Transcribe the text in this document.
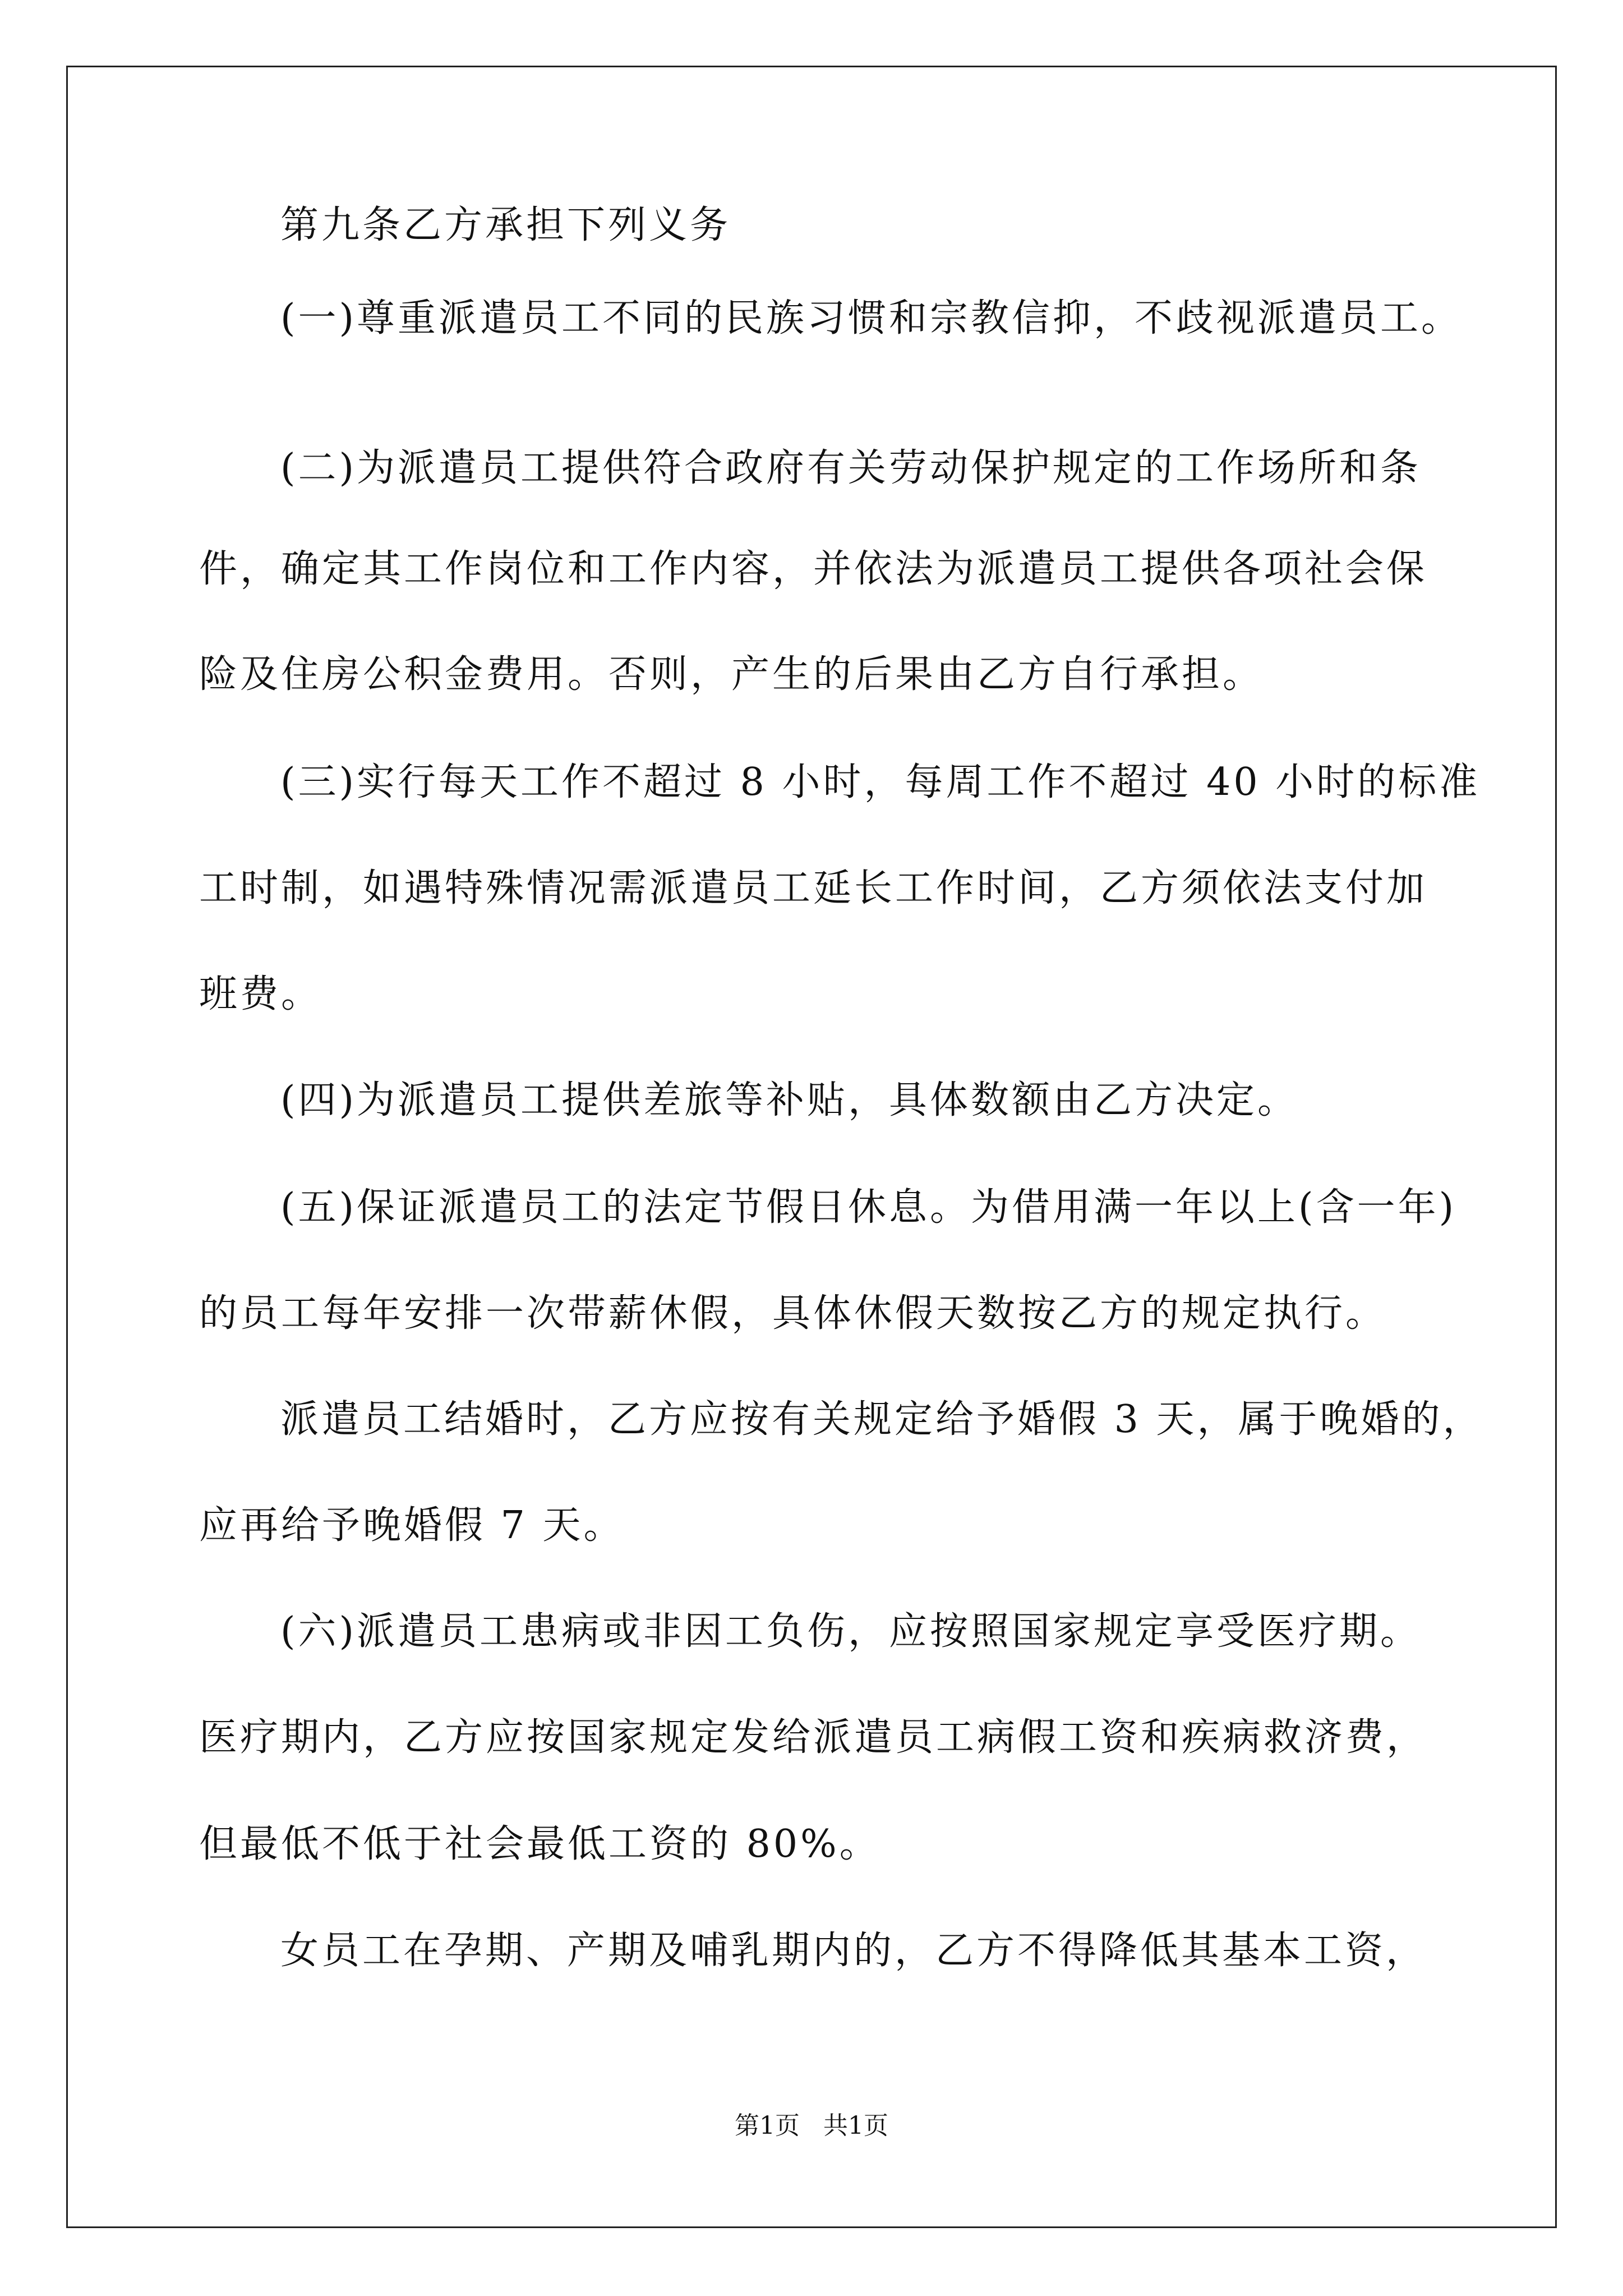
第九条乙方承担下列义务
(一)尊重派遣员工不同的民族习惯和宗教信抑，不歧视派遣员工。
(二)为派遣员工提供符合政府有关劳动保护规定的工作场所和条
件，确定其工作岗位和工作内容，并依法为派遣员工提供各项社会保
险及住房公积金费用。否则，产生的后果由乙方自行承担。
(三)实行每天工作不超过 8 小时，每周工作不超过 40 小时的标准
工时制，如遇特殊情况需派遣员工延长工作时间，乙方须依法支付加
班费。
(四)为派遣员工提供差旅等补贴，具体数额由乙方决定。
(五)保证派遣员工的法定节假日休息。为借用满一年以上(含一年)
的员工每年安排一次带薪休假，具体休假天数按乙方的规定执行。
派遣员工结婚时，乙方应按有关规定给予婚假 3 天，属于晚婚的，
应再给予晚婚假 7 天。
(六)派遣员工患病或非因工负伤，应按照国家规定享受医疗期。
医疗期内，乙方应按国家规定发给派遣员工病假工资和疾病救济费，
但最低不低于社会最低工资的 80%。
女员工在孕期、产期及哺乳期内的，乙方不得降低其基本工资，
第1页   共1页
